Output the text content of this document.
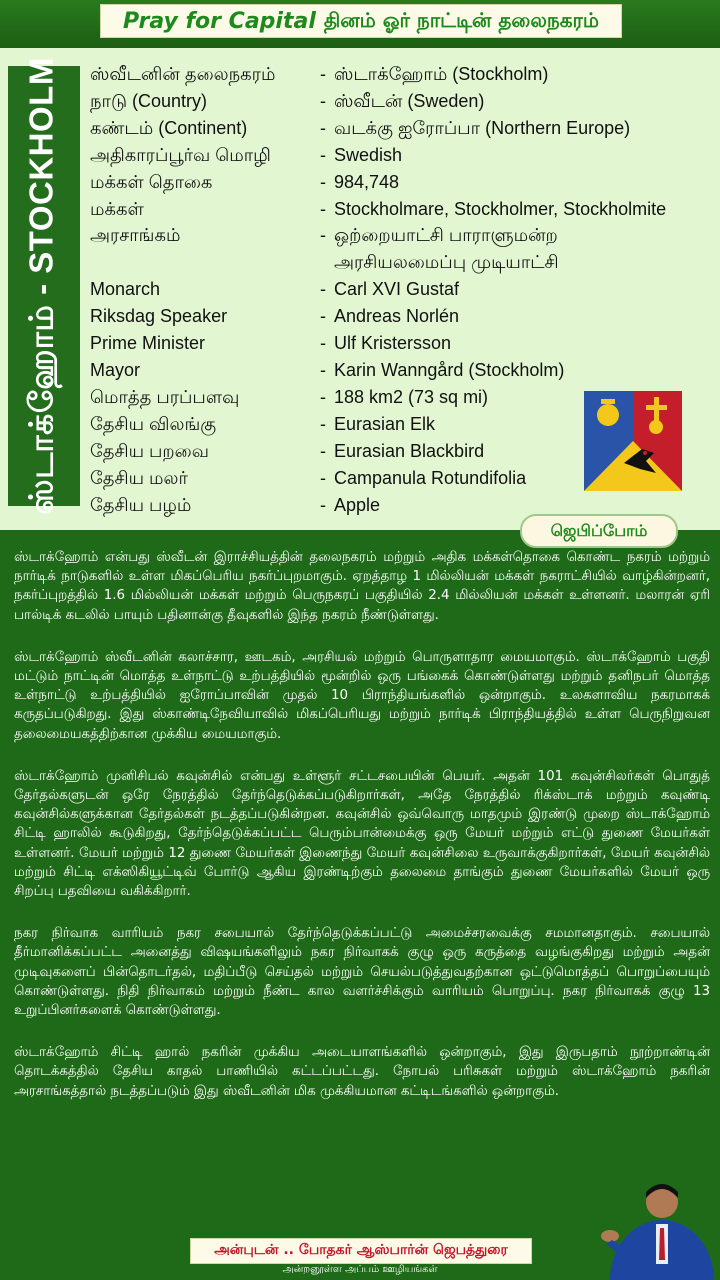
Pray for Capital தினம் ஓர் நாட்டின் தலைநகரம்
ஸ்டாக்ஹோம் - STOCKHOLM	ஸ்வீடனின் தலைநகரம்	- ஸ்டாக்ஹோம் (Stockholm)
நாடு (Country)	- ஸ்வீடன் (Sweden)
கண்டம் (Continent)	- வடக்கு ஐரோப்பா (Northern Europe)
அதிகாரப்பூர்வ மொழி	- Swedish
மக்கள் தொகை	- 984,748
மக்கள்	- Stockholmare, Stockholmer, Stockholmite
அரசாங்கம்	- ஒற்றையாட்சி பாராளுமன்ற
அரசியலமைப்பு முடியாட்சி
Monarch	- Carl XVI Gustaf
Riksdag Speaker	- Andreas Norlén
Prime Minister	- Ulf Kristersson
Mayor	- Karin Wanngård (Stockholm)
மொத்த பரப்பளவு	- 188 km2 (73 sq mi)
தேசிய விலங்கு	- Eurasian Elk
தேசிய பறவை	- Eurasian Blackbird
தேசிய மலர்	- Campanula Rotundifolia
தேசிய பழம்	- Apple
ஜெபிப்போம்

ஸ்டாக்ஹோம் என்பது ஸ்வீடன் இராச்சியத்தின் தலைநகரம் மற்றும் அதிக மக்கள்தொகை கொண்ட நகரம் மற்றும் நார்டிக் நாடுகளில் உள்ள மிகப்பெரிய நகர்ப்புறமாகும். ஏறத்தாழ 1 மில்லியன் மக்கள் நகராட்சியில் வாழ்கின்றனர், நகர்ப்புறத்தில் 1.6 மில்லியன் மக்கள் மற்றும் பெருநகரப் பகுதியில் 2.4 மில்லியன் மக்கள் உள்ளனர். மலாரன் ஏரி பால்டிக் கடலில் பாயும் பதினான்கு தீவுகளில் இந்த நகரம் நீண்டுள்ளது.

ஸ்டாக்ஹோம் ஸ்வீடனின் கலாச்சார, ஊடகம், அரசியல் மற்றும் பொருளாதார மையமாகும். ஸ்டாக்ஹோம் பகுதி மட்டும் நாட்டின் மொத்த உள்நாட்டு உற்பத்தியில் மூன்றில் ஒரு பங்கைக் கொண்டுள்ளது மற்றும் தனிநபர் மொத்த உள்நாட்டு உற்பத்தியில் ஐரோப்பாவின் முதல் 10 பிராந்தியங்களில் ஒன்றாகும். உலகளாவிய நகரமாகக் கருதப்படுகிறது. இது ஸ்காண்டிநேவியாவில் மிகப்பெரியது மற்றும் நார்டிக் பிராந்தியத்தில் உள்ள பெருநிறுவன தலைமையகத்திற்கான முக்கிய மையமாகும்.

ஸ்டாக்ஹோம் முனிசிபல் கவுன்சில் என்பது உள்ளூர் சட்டசபையின் பெயர். அதன் 101 கவுன்சிலர்கள் பொதுத் தேர்தல்களுடன் ஒரே நேரத்தில் தேர்ந்தெடுக்கப்படுகிறார்கள், அதே நேரத்தில் ரிக்ஸ்டாக் மற்றும் கவுண்டி கவுன்சில்களுக்கான தேர்தல்கள் நடத்தப்படுகின்றன. கவுன்சில் ஒவ்வொரு மாதமும் இரண்டு முறை ஸ்டாக்ஹோம் சிட்டி ஹாலில் கூடுகிறது, தேர்ந்தெடுக்கப்பட்ட பெரும்பான்மைக்கு ஒரு மேயர் மற்றும் எட்டு துணை மேயர்கள் உள்ளனர். மேயர் மற்றும் 12 துணை மேயர்கள் இணைந்து மேயர் கவுன்சிலை உருவாக்குகிறார்கள், மேயர் கவுன்சில் மற்றும் சிட்டி எக்ஸிகியூட்டிவ் போர்டு ஆகிய இரண்டிற்கும் தலைமை தாங்கும் துணை மேயர்களில் மேயர் ஒரு சிறப்பு பதவியை வகிக்கிறார்.

நகர நிர்வாக வாரியம் நகர சபையால் தேர்ந்தெடுக்கப்பட்டு அமைச்சரவைக்கு சமமானதாகும். சபையால் தீர்மானிக்கப்பட்ட அனைத்து விஷயங்களிலும் நகர நிர்வாகக் குழு ஒரு கருத்தை வழங்குகிறது மற்றும் அதன் முடிவுகளைப் பின்தொடர்தல், மதிப்பீடு செய்தல் மற்றும் செயல்படுத்துவதற்கான ஒட்டுமொத்தப் பொறுப்பையும் கொண்டுள்ளது. நிதி நிர்வாகம் மற்றும் நீண்ட கால வளர்ச்சிக்கும் வாரியம் பொறுப்பு. நகர நிர்வாகக் குழு 13 உறுப்பினர்களைக் கொண்டுள்ளது.

ஸ்டாக்ஹோம் சிட்டி ஹால் நகரின் முக்கிய அடையாளங்களில் ஒன்றாகும், இது இருபதாம் நூற்றாண்டின் தொடக்கத்தில் தேசிய காதல் பாணியில் கட்டப்பட்டது. நோபல் பரிசுகள் மற்றும் ஸ்டாக்ஹோம் நகரின் அரசாங்கத்தால் நடத்தப்படும் இது ஸ்வீடனின் மிக முக்கியமான கட்டிடங்களில் ஒன்றாகும்.

அன்புடன் .. போதகர் ஆஸ்பார்ன் ஜெபத்துரை
அன்றனூள்ள அப்பம் ஊழியங்கள்
